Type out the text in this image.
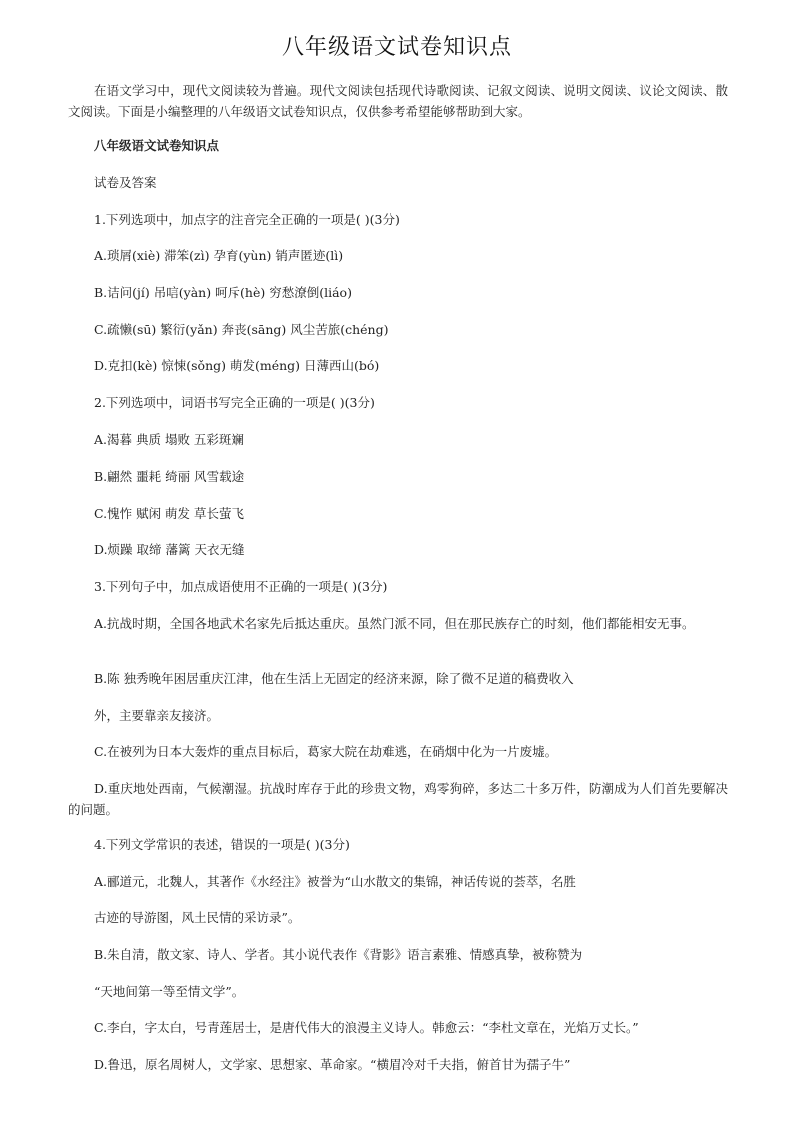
八年级语文试卷知识点
在语文学习中，现代文阅读较为普遍。现代文阅读包括现代诗歌阅读、记叙文阅读、说明文阅读、议论文阅读、散文阅读。下面是小编整理的八年级语文试卷知识点，仅供参考希望能够帮助到大家。
八年级语文试卷知识点
试卷及答案
1.下列选项中，加点字的注音完全正确的一项是( )(3分)
A.琐屑(xiè) 滞笨(zì) 孕育(yùn) 销声匿迹(lì)
B.诘问(jí) 吊唁(yàn) 呵斥(hè) 穷愁潦倒(liáo)
C.疏懒(sū) 繁衍(yǎn) 奔丧(sāng) 风尘苦旅(chéng)
D.克扣(kè) 惊悚(sǒng) 萌发(méng) 日薄西山(bó)
2.下列选项中，词语书写完全正确的一项是( )(3分)
A.渴暮 典质 塌败 五彩斑斓
B.翩然 噩耗 绮丽 风雪载途
C.愧怍 赋闲 萌发 草长萤飞
D.烦躁 取缔 藩篱 天衣无缝
3.下列句子中，加点成语使用不正确的一项是( )(3分)
A.抗战时期，全国各地武术名家先后抵达重庆。虽然门派不同，但在那民族存亡的时刻，他们都能相安无事。
B.陈 独秀晚年困居重庆江津，他在生活上无固定的经济来源，除了微不足道的稿费收入
外，主要靠亲友接济。
C.在被列为日本大轰炸的重点目标后，葛家大院在劫难逃，在硝烟中化为一片废墟。
D.重庆地处西南，气候潮湿。抗战时库存于此的珍贵文物，鸡零狗碎，多达二十多万件，防潮成为人们首先要解决的问题。
4.下列文学常识的表述，错误的一项是( )(3分)
A.郦道元，北魏人，其著作《水经注》被誉为“山水散文的集锦，神话传说的荟萃，名胜
古迹的导游图，风土民情的采访录”。
B.朱自清，散文家、诗人、学者。其小说代表作《背影》语言素雅、情感真挚，被称赞为
“天地间第一等至情文学”。
C.李白，字太白，号青莲居士，是唐代伟大的浪漫主义诗人。韩愈云：“李杜文章在，光焰万丈长。”
D.鲁迅，原名周树人，文学家、思想家、革命家。“横眉冷对千夫指，俯首甘为孺子牛”
